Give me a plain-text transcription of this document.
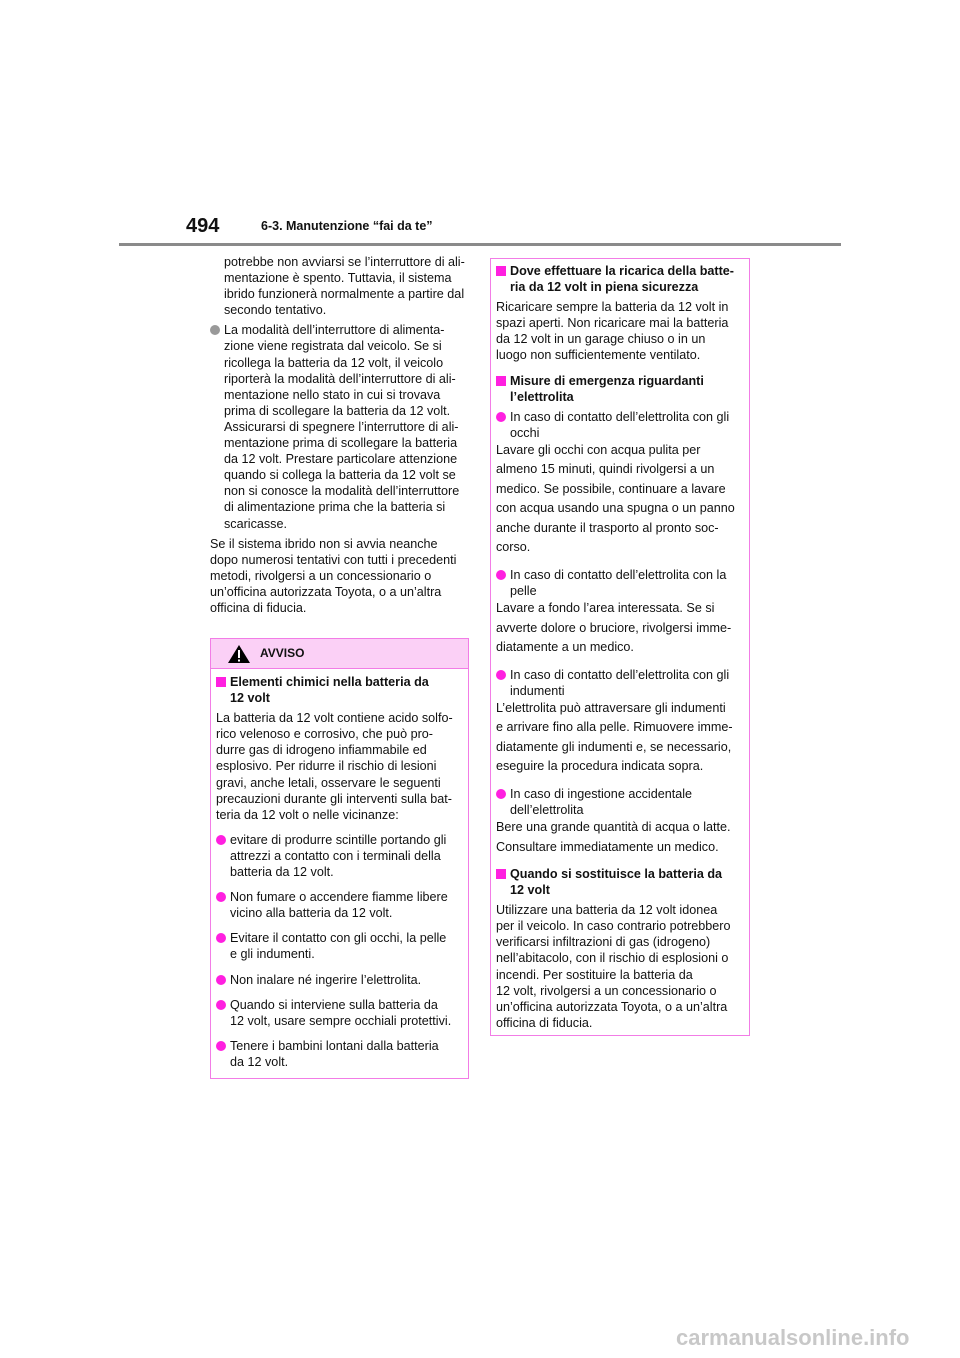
494	6-3. Manutenzione “fai da te”

potrebbe non avviarsi se l’interruttore di ali-
mentazione è spento. Tuttavia, il sistema
ibrido funzionerà normalmente a partire dal
secondo tentativo.

La modalità dell’interruttore di alimenta-
zione viene registrata dal veicolo. Se si
ricollega la batteria da 12 volt, il veicolo
riporterà la modalità dell’interruttore di ali-
mentazione nello stato in cui si trovava
prima di scollegare la batteria da 12 volt.
Assicurarsi di spegnere l’interruttore di ali-
mentazione prima di scollegare la batteria
da 12 volt. Prestare particolare attenzione
quando si collega la batteria da 12 volt se
non si conosce la modalità dell’interruttore
di alimentazione prima che la batteria si
scaricasse.

Se il sistema ibrido non si avvia neanche
dopo numerosi tentativi con tutti i precedenti
metodi, rivolgersi a un concessionario o
un’officina autorizzata Toyota, o a un’altra
officina di fiducia.

AVVISO
Elementi chimici nella batteria da
12 volt

La batteria da 12 volt contiene acido solfo-
rico velenoso e corrosivo, che può pro-
durre gas di idrogeno infiammabile ed
esplosivo. Per ridurre il rischio di lesioni
gravi, anche letali, osservare le seguenti
precauzioni durante gli interventi sulla bat-
teria da 12 volt o nelle vicinanze:

evitare di produrre scintille portando gli
attrezzi a contatto con i terminali della
batteria da 12 volt.

Non fumare o accendere fiamme libere
vicino alla batteria da 12 volt.

Evitare il contatto con gli occhi, la pelle
e gli indumenti.

Non inalare né ingerire l’elettrolita.

Quando si interviene sulla batteria da
12 volt, usare sempre occhiali protettivi.

Tenere i bambini lontani dalla batteria
da 12 volt.

Dove effettuare la ricarica della batte-
ria da 12 volt in piena sicurezza

Ricaricare sempre la batteria da 12 volt in
spazi aperti. Non ricaricare mai la batteria
da 12 volt in un garage chiuso o in un
luogo non sufficientemente ventilato.

Misure di emergenza riguardanti
l’elettrolita

In caso di contatto dell’elettrolita con gli
occhi

Lavare gli occhi con acqua pulita per
almeno 15 minuti, quindi rivolgersi a un
medico. Se possibile, continuare a lavare
con acqua usando una spugna o un panno
anche durante il trasporto al pronto soc-
corso.

In caso di contatto dell’elettrolita con la
pelle

Lavare a fondo l’area interessata. Se si
avverte dolore o bruciore, rivolgersi imme-
diatamente a un medico.

In caso di contatto dell’elettrolita con gli
indumenti

L’elettrolita può attraversare gli indumenti
e arrivare fino alla pelle. Rimuovere imme-
diatamente gli indumenti e, se necessario,
eseguire la procedura indicata sopra.

In caso di ingestione accidentale
dell’elettrolita

Bere una grande quantità di acqua o latte.
Consultare immediatamente un medico.

Quando si sostituisce la batteria da
12 volt

Utilizzare una batteria da 12 volt idonea
per il veicolo. In caso contrario potrebbero
verificarsi infiltrazioni di gas (idrogeno)
nell’abitacolo, con il rischio di esplosioni o
incendi. Per sostituire la batteria da
12 volt, rivolgersi a un concessionario o
un’officina autorizzata Toyota, o a un’altra
officina di fiducia.

carmanualsonline.info
